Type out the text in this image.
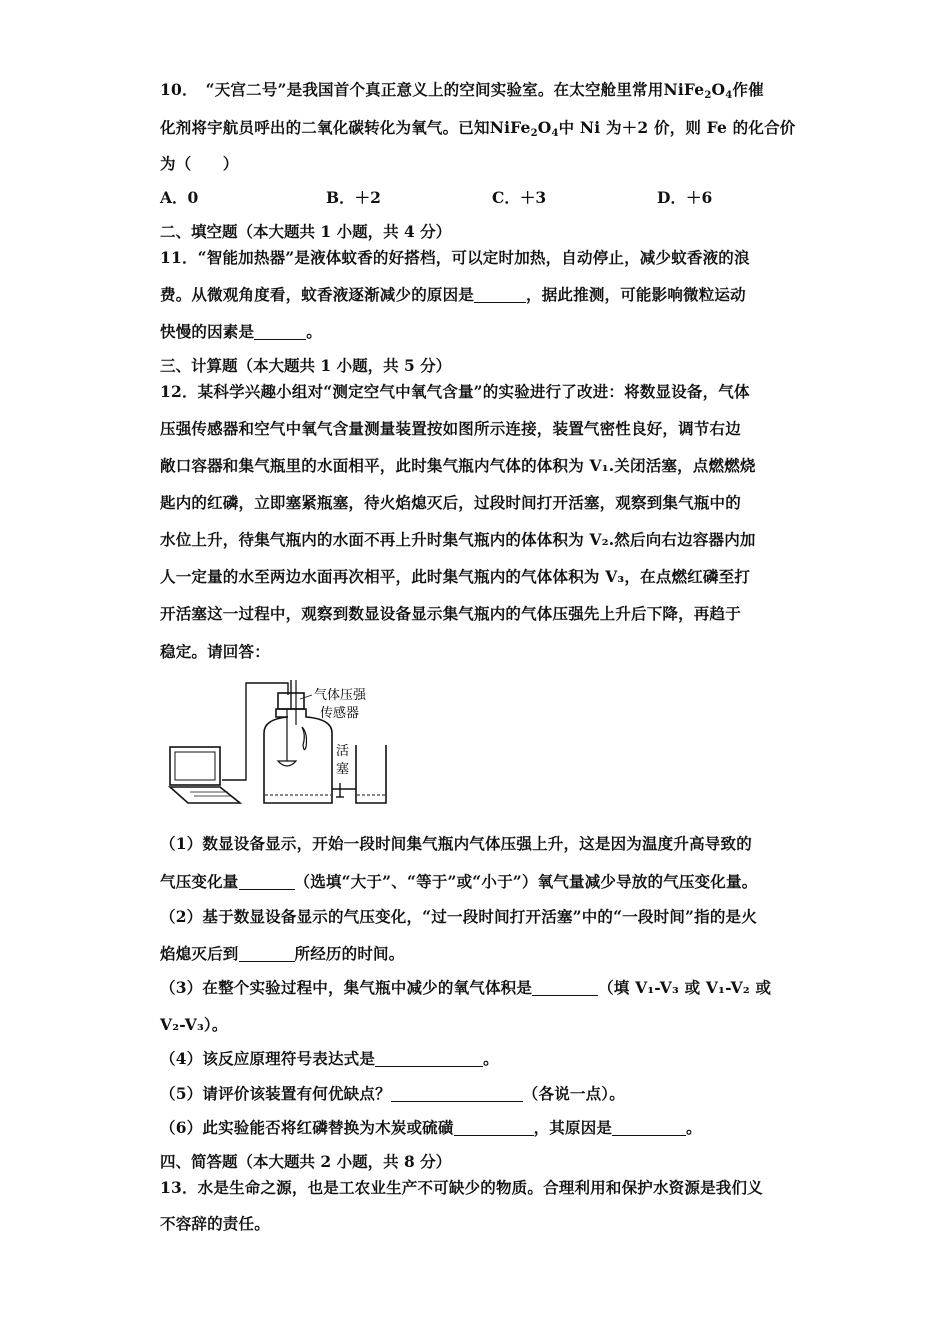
10．　“天宫二号”是我国首个真正意义上的空间实验室。在太空舱里常用$NiFe_2O_4$作催
化剂将宇航员呼出的二氧化碳转化为氧气。已知$NiFe_2O_4$中 Ni 为＋2 价，则 Fe 的化合价
为（　　）
A．0	B．＋2	C．＋3	D．＋6
二、填空题（本大题共 1 小题，共 4 分）
11．“智能加热器”是液体蚊香的好搭档，可以定时加热，自动停止，减少蚊香液的浪
费。从微观角度看，蚊香液逐渐减少的原因是	，据此推测，可能影响微粒运动
快慢的因素是	。
三、计算题（本大题共 1 小题，共 5 分）
12．某科学兴趣小组对“测定空气中氧气含量”的实验进行了改进：将数显设备，气体
压强传感器和空气中氧气含量测量装置按如图所示连接，装置气密性良好，调节右边
敞口容器和集气瓶里的水面相平，此时集气瓶内气体的体积为 V₁.关闭活塞，点燃燃烧
匙内的红磷，立即塞紧瓶塞，待火焰熄灭后，过段时间打开活塞，观察到集气瓶中的
水位上升，待集气瓶内的水面不再上升时集气瓶内的体体积为 V₂.然后向右边容器内加
人一定量的水至两边水面再次相平，此时集气瓶内的气体体积为 V₃，在点燃红磷至打
开活塞这一过程中，观察到数显设备显示集气瓶内的气体压强先上升后下降，再趋于
稳定。请回答：
气体压强
传感器
活
塞
（1）数显设备显示，开始一段时间集气瓶内气体压强上升，这是因为温度升高导致的
气压变化量	（选填“大于”、“等于”或“小于”）氧气量减少导放的气压变化量。
（2）基于数显设备显示的气压变化，“过一段时间打开活塞”中的“一段时间”指的是火
焰熄灭后到	所经历的时间。
（3）在整个实验过程中，集气瓶中减少的氧气体积是	（填 V₁-V₃ 或 V₁-V₂ 或
V₂-V₃）。
（4）该反应原理符号表达式是	。
（5）请评价该装置有何优缺点？	（各说一点）。
（6）此实验能否将红磷替换为木炭或硫磺	，其原因是	。
四、简答题（本大题共 2 小题，共 8 分）
13．水是生命之源，也是工农业生产不可缺少的物质。合理利用和保护水资源是我们义
不容辞的责任。
